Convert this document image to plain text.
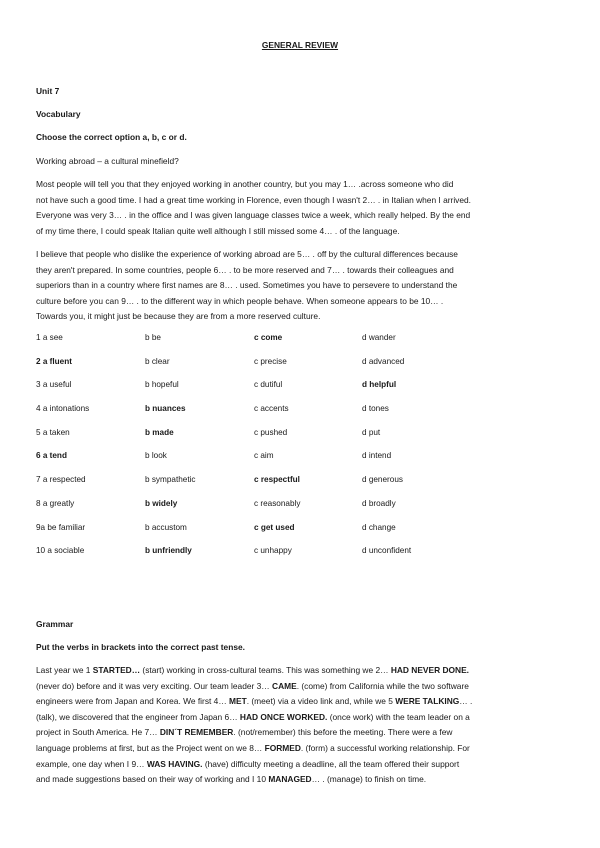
GENERAL REVIEW
Unit 7
Vocabulary
Choose the correct option a, b, c or d.
Working abroad – a cultural minefield?
Most people will tell you that they enjoyed working in another country, but you may 1… .across someone who did
not have such a good time. I had a great time working in Florence, even though I wasn't 2… . in Italian when I arrived.
Everyone was very 3… . in the office and I was given language classes twice a week, which really helped. By the end
of my time there, I could speak Italian quite well although I still missed some 4… . of the language.
I believe that people who dislike the experience of working abroad are 5… . off by the cultural differences because
they aren't prepared. In some countries, people 6… . to be more reserved and 7… . towards their colleagues and
superiors than in a country where first names are 8… . used. Sometimes you have to persevere to understand the
culture before you can 9… . to the different way in which people behave. When someone appears to be 10… .
Towards you, it might just be because they are from a more reserved culture.
1 a see	b be	c come	d wander
2 a fluent	b clear	c precise	d advanced
3 a useful	b hopeful	c dutiful	d helpful
4 a intonations	b nuances	c accents	d tones
5 a taken	b made	c pushed	d put
6 a tend	b look	c aim	d intend
7 a respected	b sympathetic	c respectful	d generous
8 a greatly	b widely	c reasonably	d broadly
9a be familiar	b accustom	c get used	d change
10 a sociable	b unfriendly	c unhappy	d unconfident
Grammar
Put the verbs in brackets into the correct past tense.
Last year we 1 STARTED… (start) working in cross-cultural teams. This was something we 2… HAD NEVER DONE.
(never do) before and it was very exciting. Our team leader 3… CAME. (come) from California while the two software
engineers were from Japan and Korea. We first 4… MET. (meet) via a video link and, while we 5 WERE TALKING… .
(talk), we discovered that the engineer from Japan 6… HAD ONCE WORKED. (once work) with the team leader on a
project in South America. He 7… DIN´T REMEMBER. (not/remember) this before the meeting. There were a few
language problems at first, but as the Project went on we 8… FORMED. (form) a successful working relationship. For
example, one day when I 9… WAS HAVING. (have) difficulty meeting a deadline, all the team offered their support
and made suggestions based on their way of working and I 10 MANAGED… . (manage) to finish on time.
